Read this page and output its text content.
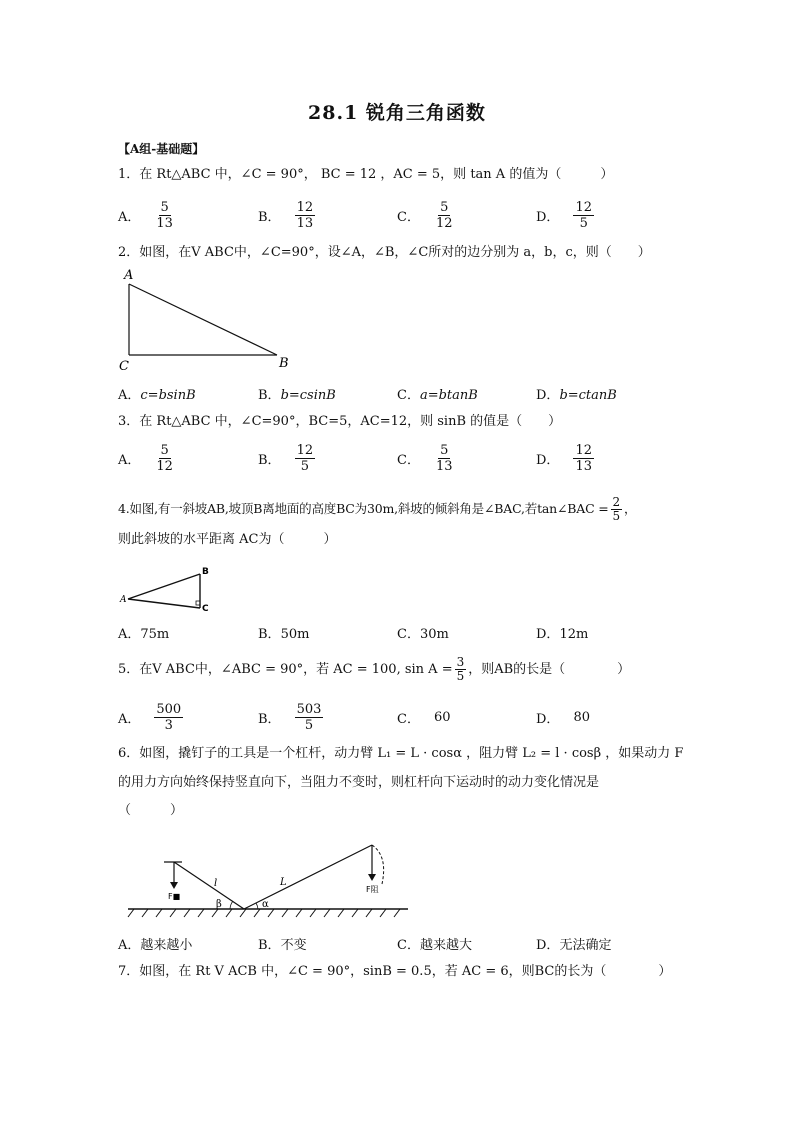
28.1 锐角三角函数
【A组-基础题】
1．在 Rt△ABC 中，∠C = 90°， BC = 12 ，AC = 5，则 tan A 的值为（　　　）
A． $\frac{5}{13}$	B． $\frac{12}{13}$	C． $\frac{5}{12}$	D． $\frac{12}{5}$
2．如图，在V ABC中，∠C=90°，设∠A，∠B，∠C所对的边分别为 a，b，c，则（　　）
A
C	B
A．c=bsinB	B．b=csinB	C．a=btanB	D．b=ctanB
3．在 Rt△ABC 中，∠C=90°，BC=5，AC=12，则 sinB 的值是（　　）
A． $\frac{5}{12}$	B． $\frac{12}{5}$	C． $\frac{5}{13}$	D． $\frac{12}{13}$
4.如图,有一斜坡AB,坡顶B离地面的高度BC为30m,斜坡的倾斜角是∠BAC,若tan∠BAC = $\frac{2}{5}$ ，
则此斜坡的水平距离 AC为（　　　）
A
B
C
A．75m	B．50m	C．30m	D．12m
5．在V ABC中，∠ABC = 90°，若 AC = 100, $\sin A = \frac{3}{5}$ ，则AB的长是（　　　　）
A． $\frac{500}{3}$	B． $\frac{503}{5}$	C． 60	D． 80
6．如图，撬钉子的工具是一个杠杆，动力臂 L₁ = L · cosα ，阻力臂 L₂ = l · cosβ ，如果动力 F
的用力方向始终保持竖直向下，当阻力不变时，则杠杆向下运动时的动力变化情况是
（　　　）
l	L
β	α
F■
F阻
A．越来越小	B．不变	C．越来越大	D．无法确定
7．如图，在 Rt V ACB 中，∠C = 90°，sinB = 0.5，若 AC = 6，则BC的长为（　　　　）
